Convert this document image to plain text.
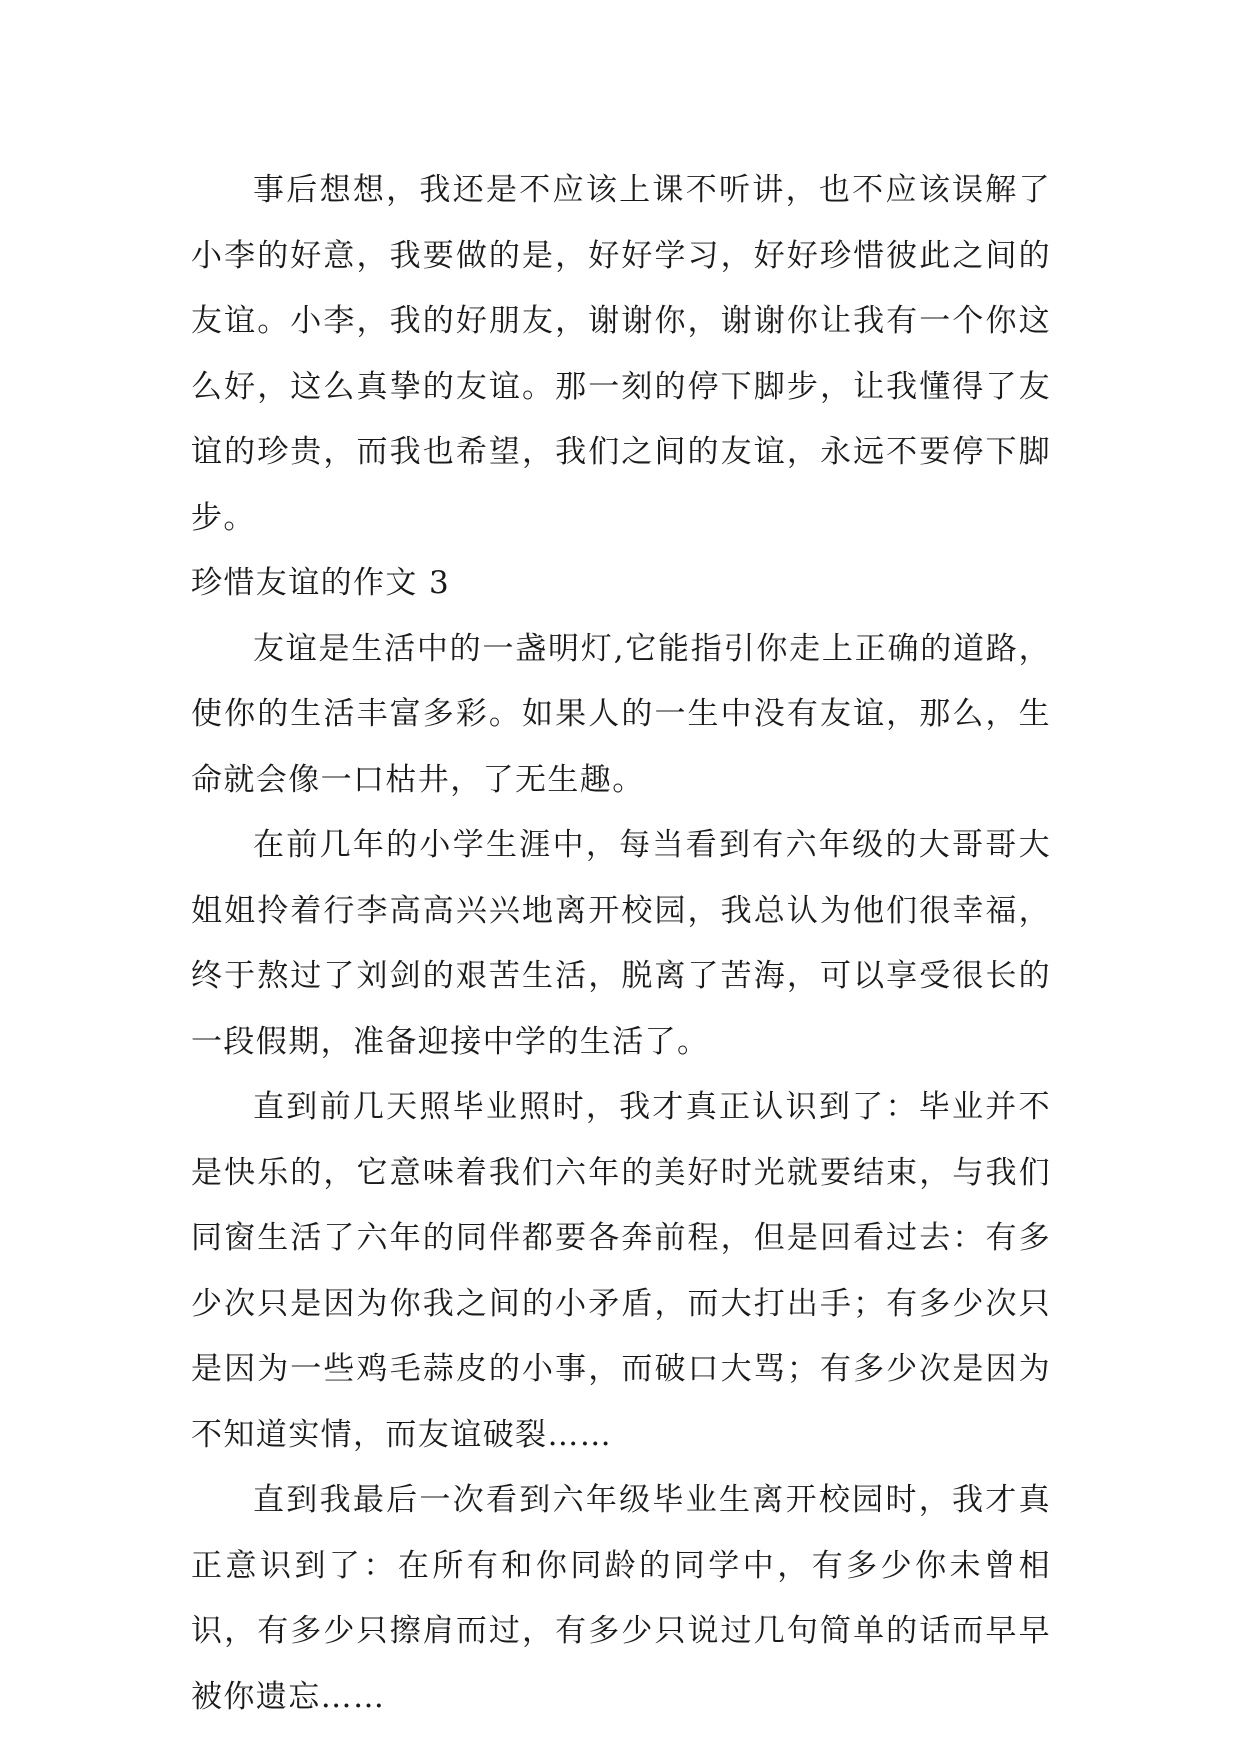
事后想想，我还是不应该上课不听讲，也不应该误解了小李的好意，我要做的是，好好学习，好好珍惜彼此之间的友谊。小李，我的好朋友，谢谢你，谢谢你让我有一个你这么好，这么真挚的友谊。那一刻的停下脚步，让我懂得了友谊的珍贵，而我也希望，我们之间的友谊，永远不要停下脚步。

珍惜友谊的作文 3

友谊是生活中的一盏明灯,它能指引你走上正确的道路，使你的生活丰富多彩。如果人的一生中没有友谊，那么，生命就会像一口枯井，了无生趣。

在前几年的小学生涯中，每当看到有六年级的大哥哥大姐姐拎着行李高高兴兴地离开校园，我总认为他们很幸福，终于熬过了刘剑的艰苦生活，脱离了苦海，可以享受很长的一段假期，准备迎接中学的生活了。

直到前几天照毕业照时，我才真正认识到了：毕业并不是快乐的，它意味着我们六年的美好时光就要结束，与我们同窗生活了六年的同伴都要各奔前程，但是回看过去：有多少次只是因为你我之间的小矛盾，而大打出手；有多少次只是因为一些鸡毛蒜皮的小事，而破口大骂；有多少次是因为不知道实情，而友谊破裂……

直到我最后一次看到六年级毕业生离开校园时，我才真正意识到了：在所有和你同龄的同学中，有多少你未曾相识，有多少只擦肩而过，有多少只说过几句简单的话而早早被你遗忘……
